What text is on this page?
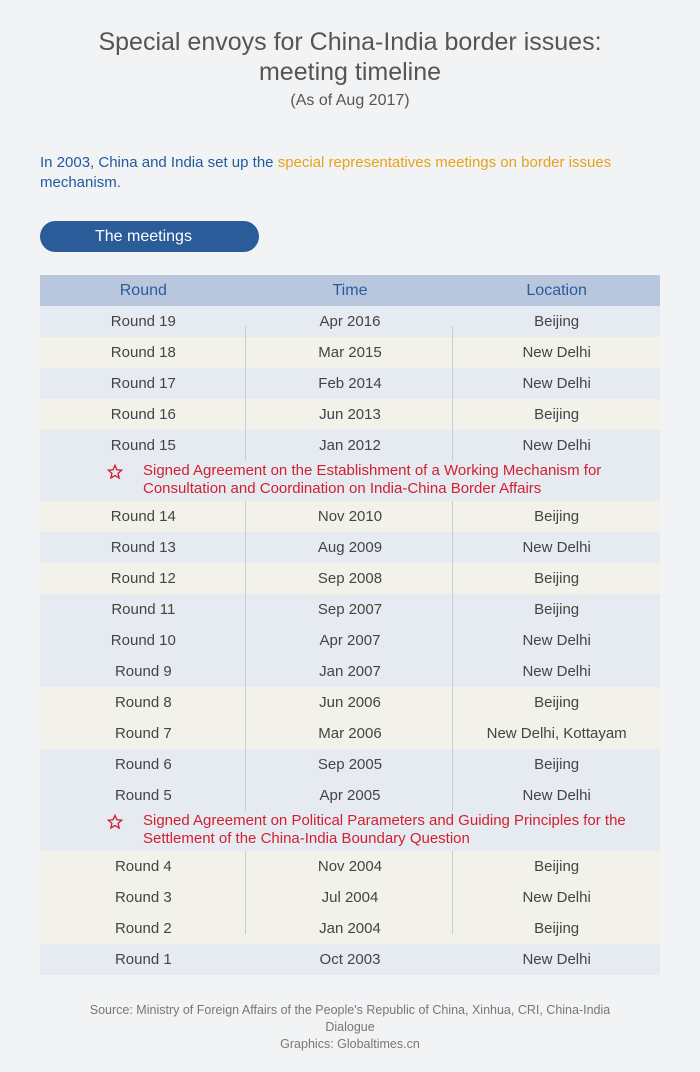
Special envoys for China-India border issues:
meeting timeline
(As of Aug 2017)
In 2003, China and India set up the special representatives meetings on border issues mechanism.
The meetings
Round	Time	Location
Round 19	Apr 2016	Beijing
Round 18	Mar 2015	New Delhi
Round 17	Feb 2014	New Delhi
Round 16	Jun 2013	Beijing
Round 15	Jan 2012	New Delhi
Signed Agreement on the Establishment of a Working Mechanism for
Consultation and Coordination on India-China Border Affairs
Round 14	Nov 2010	Beijing
Round 13	Aug 2009	New Delhi
Round 12	Sep 2008	Beijing
Round 11	Sep 2007	Beijing
Round 10	Apr 2007	New Delhi
Round 9	Jan 2007	New Delhi
Round 8	Jun 2006	Beijing
Round 7	Mar 2006	New Delhi, Kottayam
Round 6	Sep 2005	Beijing
Round 5	Apr 2005	New Delhi
Signed Agreement on Political Parameters and Guiding Principles for the
Settlement of the China-India Boundary Question
Round 4	Nov 2004	Beijing
Round 3	Jul 2004	New Delhi
Round 2	Jan 2004	Beijing
Round 1	Oct 2003	New Delhi
Source: Ministry of Foreign Affairs of the People's Republic of China, Xinhua, CRI, China-India
Dialogue
Graphics: Globaltimes.cn
